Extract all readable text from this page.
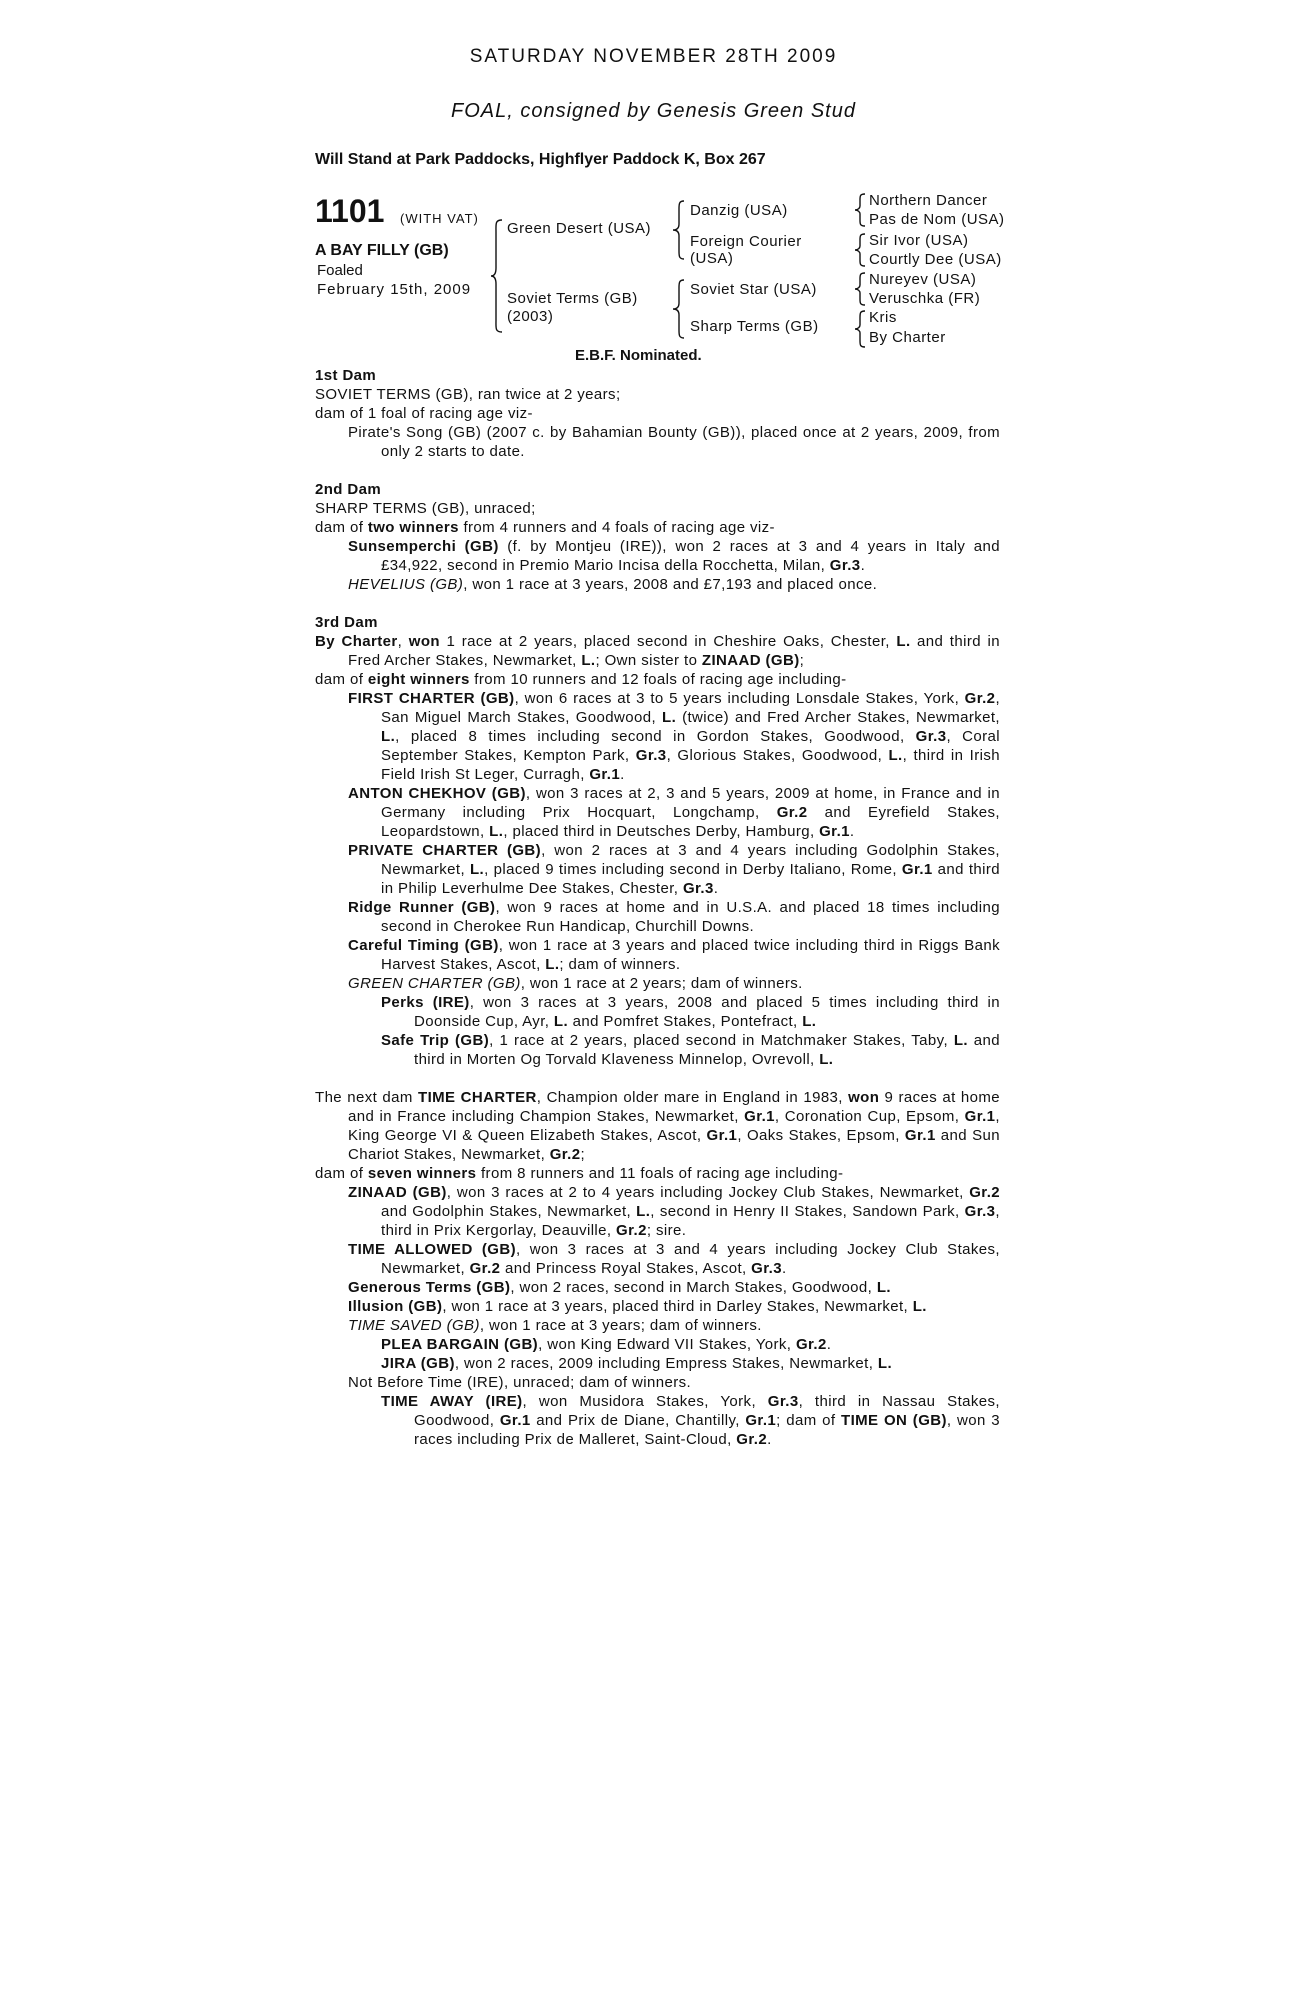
SATURDAY NOVEMBER 28TH 2009
FOAL, consigned by Genesis Green Stud
Will Stand at Park Paddocks, Highflyer Paddock K, Box 267
1101 (WITH VAT)
A BAY FILLY (GB)
Foaled
February 15th, 2009
Green Desert (USA)
Soviet Terms (GB)
(2003)
Danzig (USA)
Foreign Courier
(USA)
Soviet Star (USA)
Sharp Terms (GB)
Northern Dancer
Pas de Nom (USA)
Sir Ivor (USA)
Courtly Dee (USA)
Nureyev (USA)
Veruschka (FR)
Kris
By Charter
E.B.F. Nominated.
1st Dam

SOVIET TERMS (GB), ran twice at 2 years;

dam of 1 foal of racing age viz-

Pirate's Song (GB) (2007 c. by Bahamian Bounty (GB)), placed once at 2 years, 2009, from only 2 starts to date.

2nd Dam

SHARP TERMS (GB), unraced;

dam of two winners from 4 runners and 4 foals of racing age viz-

Sunsemperchi (GB) (f. by Montjeu (IRE)), won 2 races at 3 and 4 years in Italy and £34,922, second in Premio Mario Incisa della Rocchetta, Milan, Gr.3.

HEVELIUS (GB), won 1 race at 3 years, 2008 and £7,193 and placed once.

3rd Dam

By Charter, won 1 race at 2 years, placed second in Cheshire Oaks, Chester, L. and third in Fred Archer Stakes, Newmarket, L.; Own sister to ZINAAD (GB);

dam of eight winners from 10 runners and 12 foals of racing age including-

FIRST CHARTER (GB), won 6 races at 3 to 5 years including Lonsdale Stakes, York, Gr.2, San Miguel March Stakes, Goodwood, L. (twice) and Fred Archer Stakes, Newmarket, L., placed 8 times including second in Gordon Stakes, Goodwood, Gr.3, Coral September Stakes, Kempton Park, Gr.3, Glorious Stakes, Goodwood, L., third in Irish Field Irish St Leger, Curragh, Gr.1.

ANTON CHEKHOV (GB), won 3 races at 2, 3 and 5 years, 2009 at home, in France and in Germany including Prix Hocquart, Longchamp, Gr.2 and Eyrefield Stakes, Leopardstown, L., placed third in Deutsches Derby, Hamburg, Gr.1.

PRIVATE CHARTER (GB), won 2 races at 3 and 4 years including Godolphin Stakes, Newmarket, L., placed 9 times including second in Derby Italiano, Rome, Gr.1 and third in Philip Leverhulme Dee Stakes, Chester, Gr.3.

Ridge Runner (GB), won 9 races at home and in U.S.A. and placed 18 times including second in Cherokee Run Handicap, Churchill Downs.

Careful Timing (GB), won 1 race at 3 years and placed twice including third in Riggs Bank Harvest Stakes, Ascot, L.; dam of winners.

GREEN CHARTER (GB), won 1 race at 2 years; dam of winners.

Perks (IRE), won 3 races at 3 years, 2008 and placed 5 times including third in Doonside Cup, Ayr, L. and Pomfret Stakes, Pontefract, L.

Safe Trip (GB), 1 race at 2 years, placed second in Matchmaker Stakes, Taby, L. and third in Morten Og Torvald Klaveness Minnelop, Ovrevoll, L.

The next dam TIME CHARTER, Champion older mare in England in 1983, won 9 races at home and in France including Champion Stakes, Newmarket, Gr.1, Coronation Cup, Epsom, Gr.1, King George VI & Queen Elizabeth Stakes, Ascot, Gr.1, Oaks Stakes, Epsom, Gr.1 and Sun Chariot Stakes, Newmarket, Gr.2;

dam of seven winners from 8 runners and 11 foals of racing age including-

ZINAAD (GB), won 3 races at 2 to 4 years including Jockey Club Stakes, Newmarket, Gr.2 and Godolphin Stakes, Newmarket, L., second in Henry II Stakes, Sandown Park, Gr.3, third in Prix Kergorlay, Deauville, Gr.2; sire.

TIME ALLOWED (GB), won 3 races at 3 and 4 years including Jockey Club Stakes, Newmarket, Gr.2 and Princess Royal Stakes, Ascot, Gr.3.

Generous Terms (GB), won 2 races, second in March Stakes, Goodwood, L.

Illusion (GB), won 1 race at 3 years, placed third in Darley Stakes, Newmarket, L.

TIME SAVED (GB), won 1 race at 3 years; dam of winners.

PLEA BARGAIN (GB), won King Edward VII Stakes, York, Gr.2.

JIRA (GB), won 2 races, 2009 including Empress Stakes, Newmarket, L.

Not Before Time (IRE), unraced; dam of winners.

TIME AWAY (IRE), won Musidora Stakes, York, Gr.3, third in Nassau Stakes, Goodwood, Gr.1 and Prix de Diane, Chantilly, Gr.1; dam of TIME ON (GB), won 3 races including Prix de Malleret, Saint-Cloud, Gr.2.
